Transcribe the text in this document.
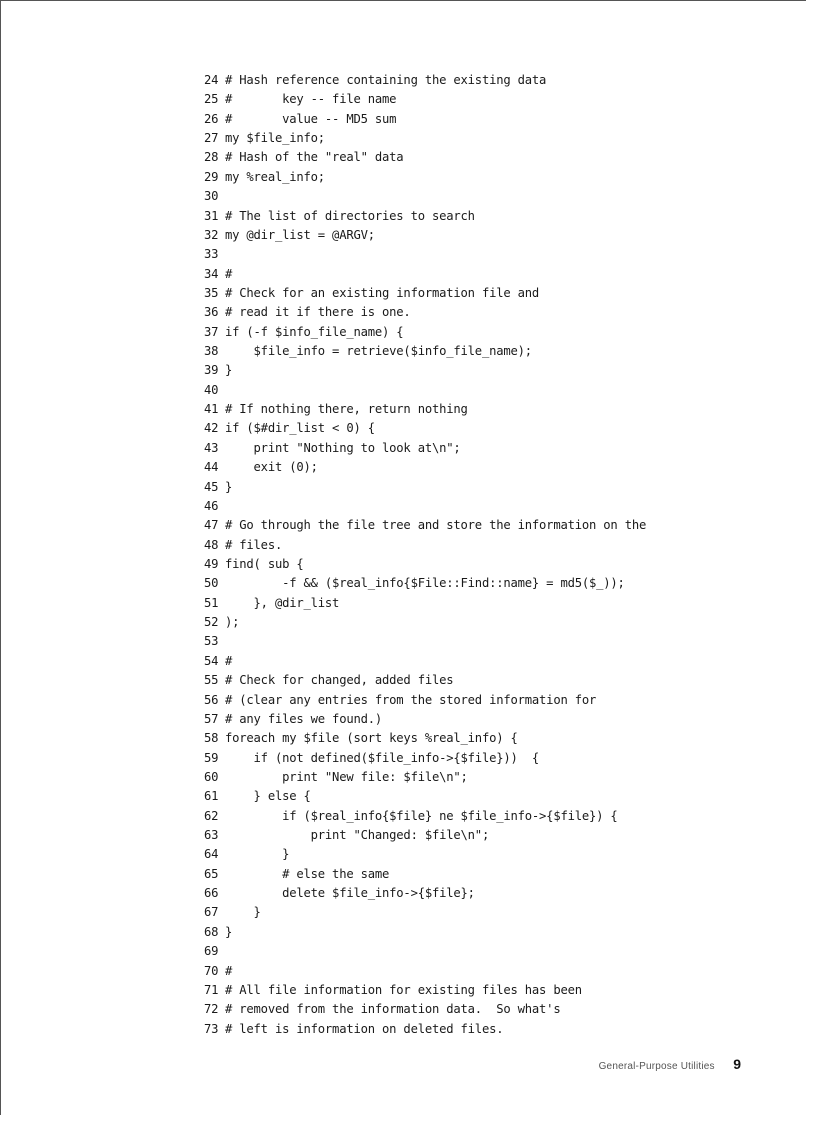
24 # Hash reference containing the existing data
25 #       key -- file name
26 #       value -- MD5 sum
27 my $file_info;
28 # Hash of the "real" data
29 my %real_info;
30
31 # The list of directories to search
32 my @dir_list = @ARGV;
33
34 #
35 # Check for an existing information file and
36 # read it if there is one.
37 if (-f $info_file_name) {
38    $file_info = retrieve($info_file_name);
39 }
40
41 # If nothing there, return nothing
42 if ($#dir_list < 0) {
43    print "Nothing to look at\n";
44    exit (0);
45 }
46
47 # Go through the file tree and store the information on the
48 # files.
49 find( sub {
50        -f && ($real_info{$File::Find::name} = md5($_));
51    }, @dir_list
52 );
53
54 #
55 # Check for changed, added files
56 # (clear any entries from the stored information for
57 # any files we found.)
58 foreach my $file (sort keys %real_info) {
59    if (not defined($file_info->{$file}))  {
60        print "New file: $file\n";
61    } else {
62        if ($real_info{$file} ne $file_info->{$file}) {
63            print "Changed: $file\n";
64        }
65        # else the same
66        delete $file_info->{$file};
67    }
68 }
69
70 #
71 # All file information for existing files has been
72 # removed from the information data.  So what's
73 # left is information on deleted files.
General-Purpose Utilities 9
